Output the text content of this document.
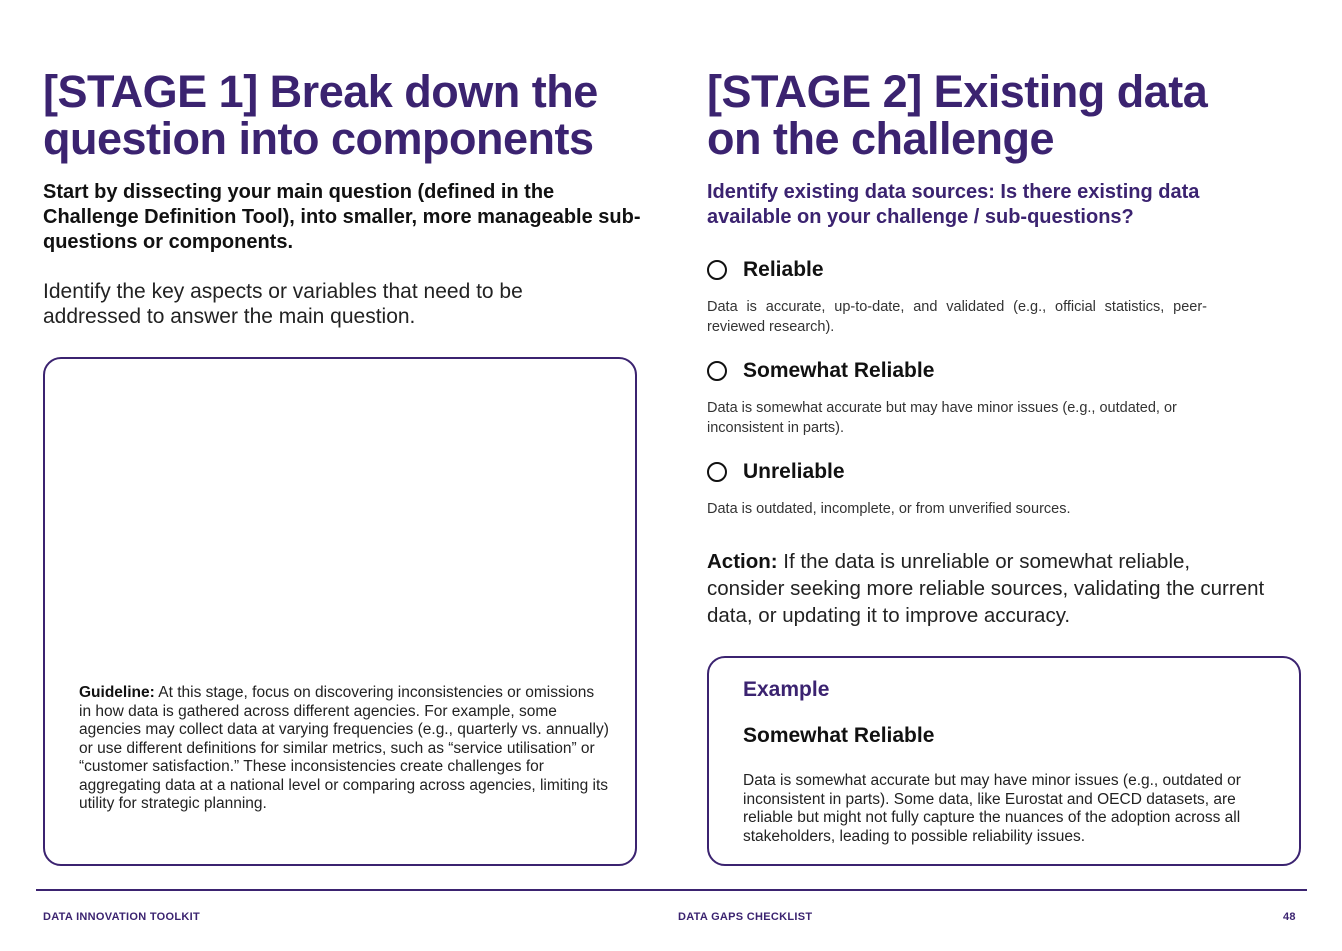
[STAGE 1] Break down the
question into components
Start by dissecting your main question (defined in the Challenge Definition Tool), into smaller, more manageable sub-questions or components.
Identify the key aspects or variables that need to be addressed to answer the main question.
Guideline: At this stage, focus on discovering inconsistencies or omissions in how data is gathered across different agencies. For example, some agencies may collect data at varying frequencies (e.g., quarterly vs. annually) or use different definitions for similar metrics, such as “service utilisation” or “customer satisfaction.” These inconsistencies create challenges for aggregating data at a national level or comparing across agencies, limiting its utility for strategic planning.
[STAGE 2] Existing data
on the challenge
Identify existing data sources: Is there existing data available on your challenge / sub-questions?
Reliable
Data is accurate, up-to-date, and validated (e.g., official statistics, peer-reviewed research).
Somewhat Reliable
Data is somewhat accurate but may have minor issues (e.g., outdated, or inconsistent in parts).
Unreliable
Data is outdated, incomplete, or from unverified sources.
Action: If the data is unreliable or somewhat reliable, consider seeking more reliable sources, validating the current data, or updating it to improve accuracy.
Example
Somewhat Reliable
Data is somewhat accurate but may have minor issues (e.g., outdated or inconsistent in parts). Some data, like Eurostat and OECD datasets, are reliable but might not fully capture the nuances of the adoption across all stakeholders, leading to possible reliability issues.
DATA INNOVATION TOOLKIT	DATA GAPS CHECKLIST	48
